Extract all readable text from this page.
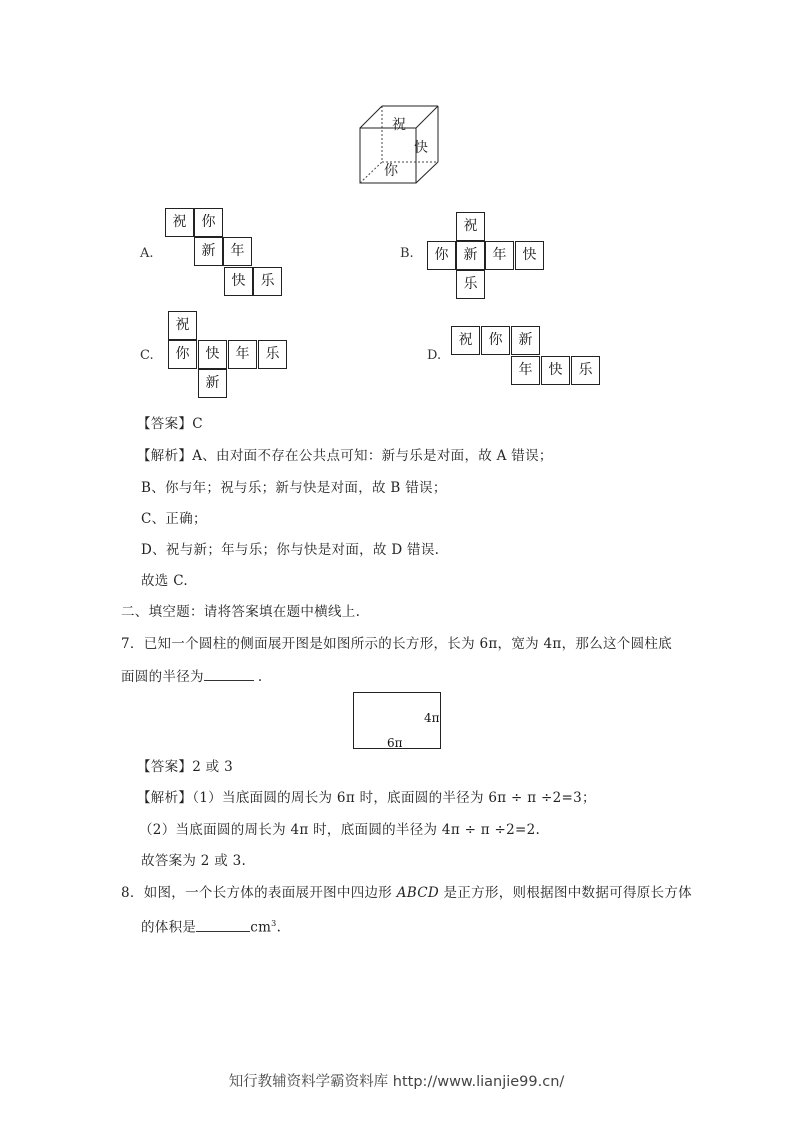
祝
快
你
A.
祝	你
新	年
快	乐
B.
祝
你	新	年	快
乐
C.
祝
你	快	年	乐
新
D.
祝	你	新
年	快	乐
【答案】C
【解析】A、由对面不存在公共点可知：新与乐是对面，故 A 错误；
B、你与年；祝与乐；新与快是对面，故 B 错误；
C、正确；
D、祝与新；年与乐；你与快是对面，故 D 错误.
故选 C.
二、填空题：请将答案填在题中横线上.
7．已知一个圆柱的侧面展开图是如图所示的长方形，长为 6π，宽为 4π，那么这个圆柱底
面圆的半径为	.
4π
6π
【答案】2 或 3
【解析】（1）当底面圆的周长为 6π 时，底面圆的半径为 6π ÷ π ÷2=3；
（2）当底面圆的周长为 4π 时，底面圆的半径为 4π ÷ π ÷2=2.
故答案为 2 或 3.
8．如图，一个长方体的表面展开图中四边形 ABCD 是正方形，则根据图中数据可得原长方体
的体积是	$cm^3$.
知行教辅资料学霸资料库 http://www.lianjie99.cn/
